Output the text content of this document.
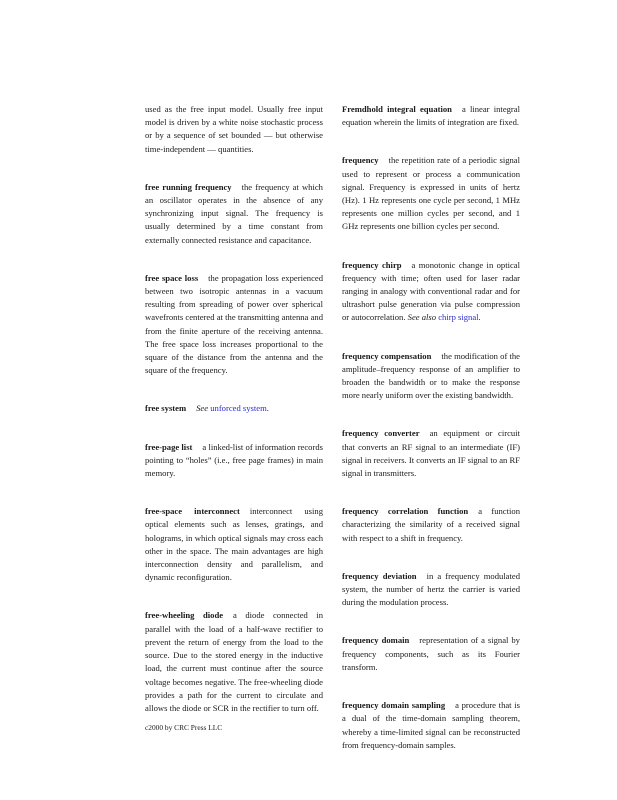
used as the free input model. Usually free input model is driven by a white noise stochastic process or by a sequence of set bounded — but otherwise time-independent — quantities.

free running frequency the frequency at which an oscillator operates in the absence of any synchronizing input signal. The frequency is usually determined by a time constant from externally connected resistance and capacitance.

free space loss the propagation loss experienced between two isotropic antennas in a vacuum resulting from spreading of power over spherical wavefronts centered at the transmitting antenna and from the finite aperture of the receiving antenna. The free space loss increases proportional to the square of the distance from the antenna and the square of the frequency.

free system See unforced system.

free-page list a linked-list of information records pointing to “holes” (i.e., free page frames) in main memory.

free-space interconnect interconnect using optical elements such as lenses, gratings, and holograms, in which optical signals may cross each other in the space. The main advantages are high interconnection density and parallelism, and dynamic reconfiguration.

free-wheeling diode a diode connected in parallel with the load of a half-wave rectifier to prevent the return of energy from the load to the source. Due to the stored energy in the inductive load, the current must continue after the source voltage becomes negative. The free-wheeling diode provides a path for the current to circulate and allows the diode or SCR in the rectifier to turn off.

Fremdhold integral equation a linear integral equation wherein the limits of integration are fixed.

frequency the repetition rate of a periodic signal used to represent or process a communication signal. Frequency is expressed in units of hertz (Hz). 1 Hz represents one cycle per second, 1 MHz represents one million cycles per second, and 1 GHz represents one billion cycles per second.

frequency chirp a monotonic change in optical frequency with time; often used for laser radar ranging in analogy with conventional radar and for ultrashort pulse generation via pulse compression or autocorrelation. See also chirp signal.

frequency compensation the modification of the amplitude–frequency response of an amplifier to broaden the bandwidth or to make the response more nearly uniform over the existing bandwidth.

frequency converter an equipment or circuit that converts an RF signal to an intermediate (IF) signal in receivers. It converts an IF signal to an RF signal in transmitters.

frequency correlation function a function characterizing the similarity of a received signal with respect to a shift in frequency.

frequency deviation in a frequency modulated system, the number of hertz the carrier is varied during the modulation process.

frequency domain representation of a signal by frequency components, such as its Fourier transform.

frequency domain sampling a procedure that is a dual of the time-domain sampling theorem, whereby a time-limited signal can be reconstructed from frequency-domain samples.

c2000 by CRC Press LLC
